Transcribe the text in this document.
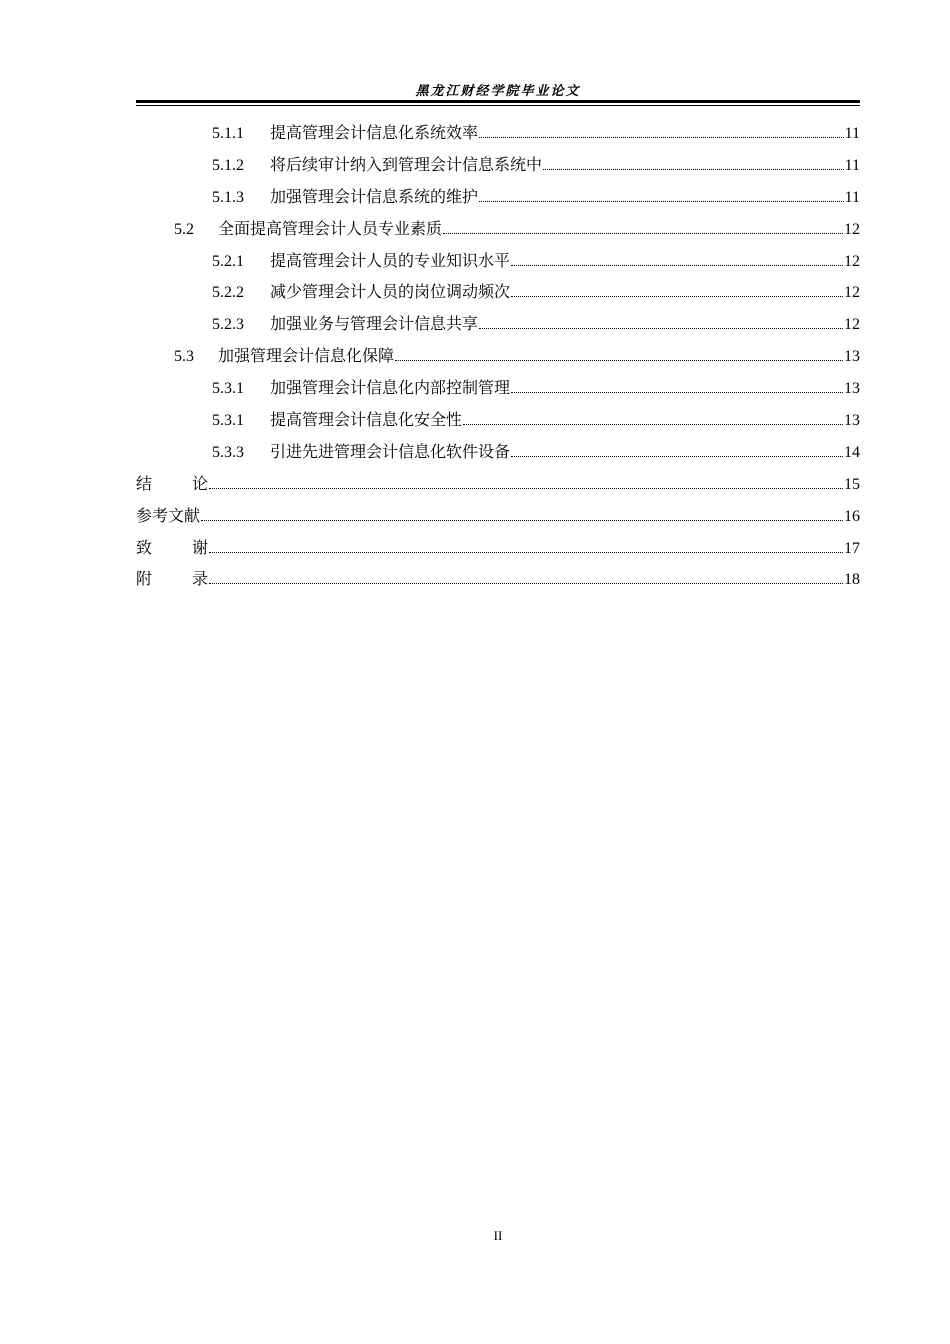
黑龙江财经学院毕业论文
5.1.1	提高管理会计信息化系统效率	11
5.1.2	将后续审计纳入到管理会计信息系统中	11
5.1.3	加强管理会计信息系统的维护	11
5.2	全面提高管理会计人员专业素质	12
5.2.1	提高管理会计人员的专业知识水平	12
5.2.2	减少管理会计人员的岗位调动频次	12
5.2.3	加强业务与管理会计信息共享	12
5.3	加强管理会计信息化保障	13
5.3.1	加强管理会计信息化内部控制管理	13
5.3.1	提高管理会计信息化安全性	13
5.3.3	引进先进管理会计信息化软件设备	14
结论	15
参考文献	16
致谢	17
附录	18
II
